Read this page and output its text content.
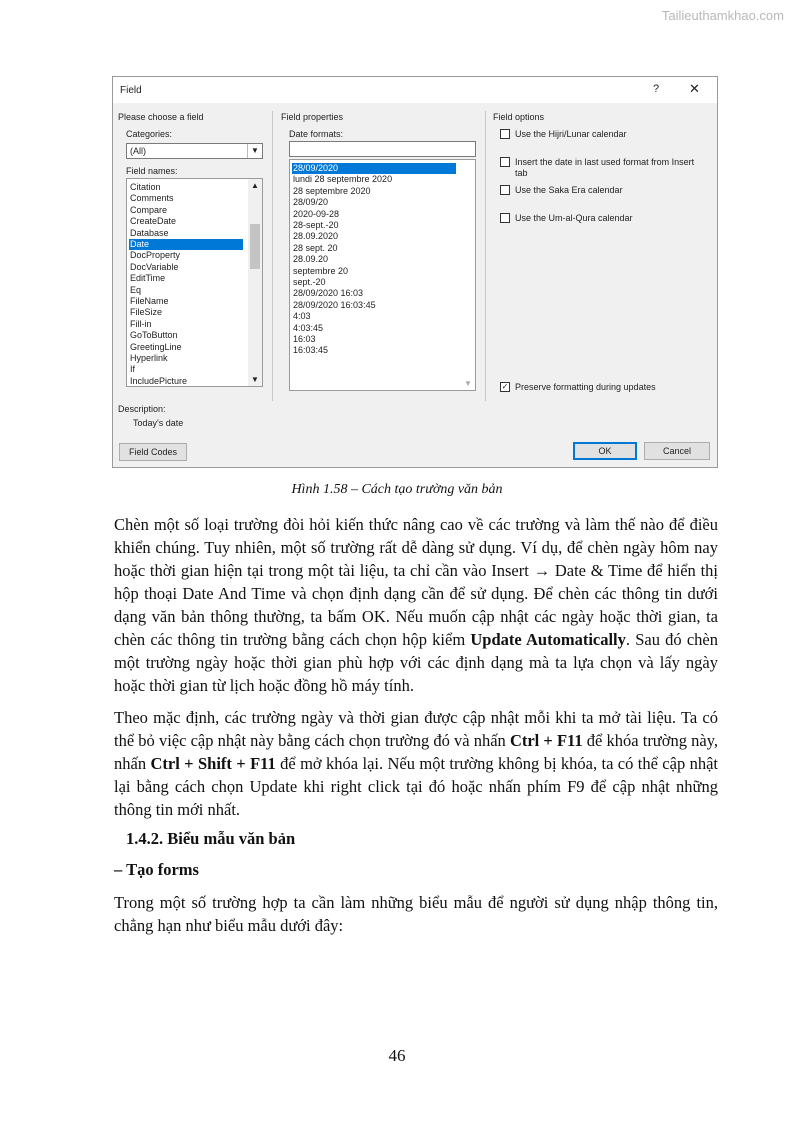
Tailieuthamkhao.com
Field	? ✕
Please choose a field
Categories:
(All)	▼
Field names:
▲
▼
Citation
Comments
Compare
CreateDate
Database
Date
DocProperty
DocVariable
EditTime
Eq
FileName
FileSize
Fill-in
GoToButton
GreetingLine
Hyperlink
If
IncludePicture
Description:
Today's date
Field Codes
Field properties
Date formats:
▼
28/09/2020
lundi 28 septembre 2020
28 septembre 2020
28/09/20
2020-09-28
28-sept.-20
28.09.2020
28 sept. 20
28.09.20
septembre 20
sept.-20
28/09/2020 16:03
28/09/2020 16:03:45
4:03
4:03:45
16:03
16:03:45
Field options
Use the Hijri/Lunar calendar
Insert the date in last used format from Insert tab
Use the Saka Era calendar
Use the Um-al-Qura calendar
✓ Preserve formatting during updates
OK	Cancel
Hình 1.58 – Cách tạo trường văn bản

Chèn một số loại trường đòi hỏi kiến thức nâng cao về các trường và làm thế nào để điều khiển chúng. Tuy nhiên, một số trường rất dễ dàng sử dụng. Ví dụ, để chèn ngày hôm nay hoặc thời gian hiện tại trong một tài liệu, ta chỉ cần vào Insert → Date & Time để hiển thị hộp thoại Date And Time và chọn định dạng cần để sử dụng. Để chèn các thông tin dưới dạng văn bản thông thường, ta bấm OK. Nếu muốn cập nhật các ngày hoặc thời gian, ta chèn các thông tin trường bằng cách chọn hộp kiểm Update Automatically. Sau đó chèn một trường ngày hoặc thời gian phù hợp với các định dạng mà ta lựa chọn và lấy ngày hoặc thời gian từ lịch hoặc đồng hồ máy tính.

Theo mặc định, các trường ngày và thời gian được cập nhật mỗi khi ta mở tài liệu. Ta có thể bỏ việc cập nhật này bằng cách chọn trường đó và nhấn Ctrl + F11 để khóa trường này, nhấn Ctrl + Shift + F11 để mở khóa lại. Nếu một trường không bị khóa, ta có thể cập nhật lại bằng cách chọn Update khi right click tại đó hoặc nhấn phím F9 để cập nhật những thông tin mới nhất.

1.4.2. Biểu mẫu văn bản

– Tạo forms

Trong một số trường hợp ta cần làm những biểu mẫu để người sử dụng nhập thông tin, chẳng hạn như biểu mẫu dưới đây:

46
